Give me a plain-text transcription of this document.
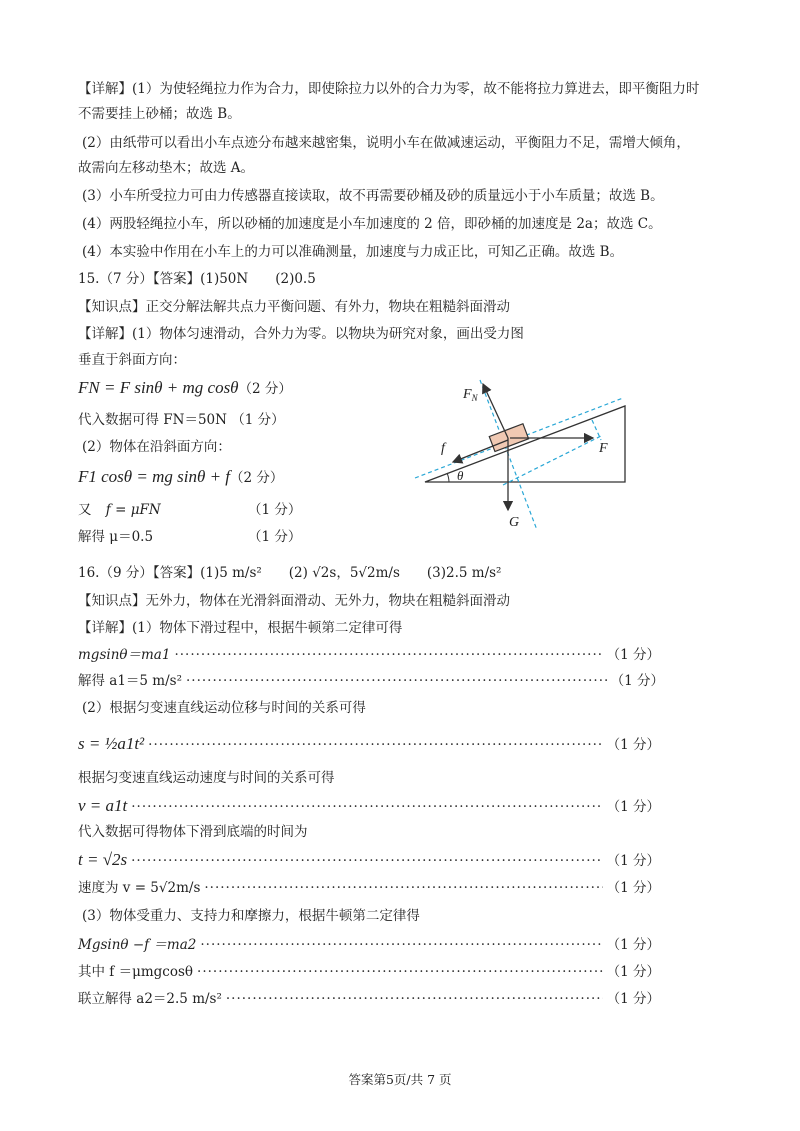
【详解】(1）为使轻绳拉力作为合力，即使除拉力以外的合力为零，故不能将拉力算进去，即平衡阻力时
不需要挂上砂桶；故选 B。
(2）由纸带可以看出小车点迹分布越来越密集，说明小车在做减速运动，平衡阻力不足，需增大倾角，
故需向左移动垫木；故选 A。
(3）小车所受拉力可由力传感器直接读取，故不再需要砂桶及砂的质量远小于小车质量；故选 B。
(4）两股轻绳拉小车，所以砂桶的加速度是小车加速度的 2 倍，即砂桶的加速度是 2a；故选 C。
(4）本实验中作用在小车上的力可以准确测量，加速度与力成正比，可知乙正确。故选 B。
15.（7 分）【答案】(1)50N　　(2)0.5
【知识点】正交分解法解共点力平衡问题、有外力，物块在粗糙斜面滑动
【详解】(1）物体匀速滑动，合外力为零。以物块为研究对象，画出受力图
垂直于斜面方向：
FN = F sinθ + mg cosθ（2 分）
代入数据可得 FN＝50N （1 分）
(2）物体在沿斜面方向：
F1 cosθ = mg sinθ + f（2 分）
又 f = μFN	（1 分）
解得 μ＝0.5	（1 分）
$F_N$
f	F
G
θ
16.（9 分）【答案】(1)5 m/s²　　(2) √2s，5√2m/s　　(3)2.5 m/s²
【知识点】无外力，物体在光滑斜面滑动、无外力，物块在粗糙斜面滑动
【详解】(1）物体下滑过程中，根据牛顿第二定律可得
mgsinθ＝ma1 ·····	（1 分）
解得 a1＝5 m/s² ·····	（1 分）
(2）根据匀变速直线运动位移与时间的关系可得
s = ½a1t² ·····	（1 分）
根据匀变速直线运动速度与时间的关系可得
v = a1t ·····	（1 分）
代入数据可得物体下滑到底端的时间为
t = √2s ·····	（1 分）
速度为 v = 5√2m/s ·····	（1 分）
(3）物体受重力、支持力和摩擦力，根据牛顿第二定律得
Mgsinθ −f ＝ma2 ·····	（1 分）
其中 f ＝μmgcosθ ·····	（1 分）
联立解得 a2＝2.5 m/s² ·····	（1 分）
答案第5页/共 7 页
